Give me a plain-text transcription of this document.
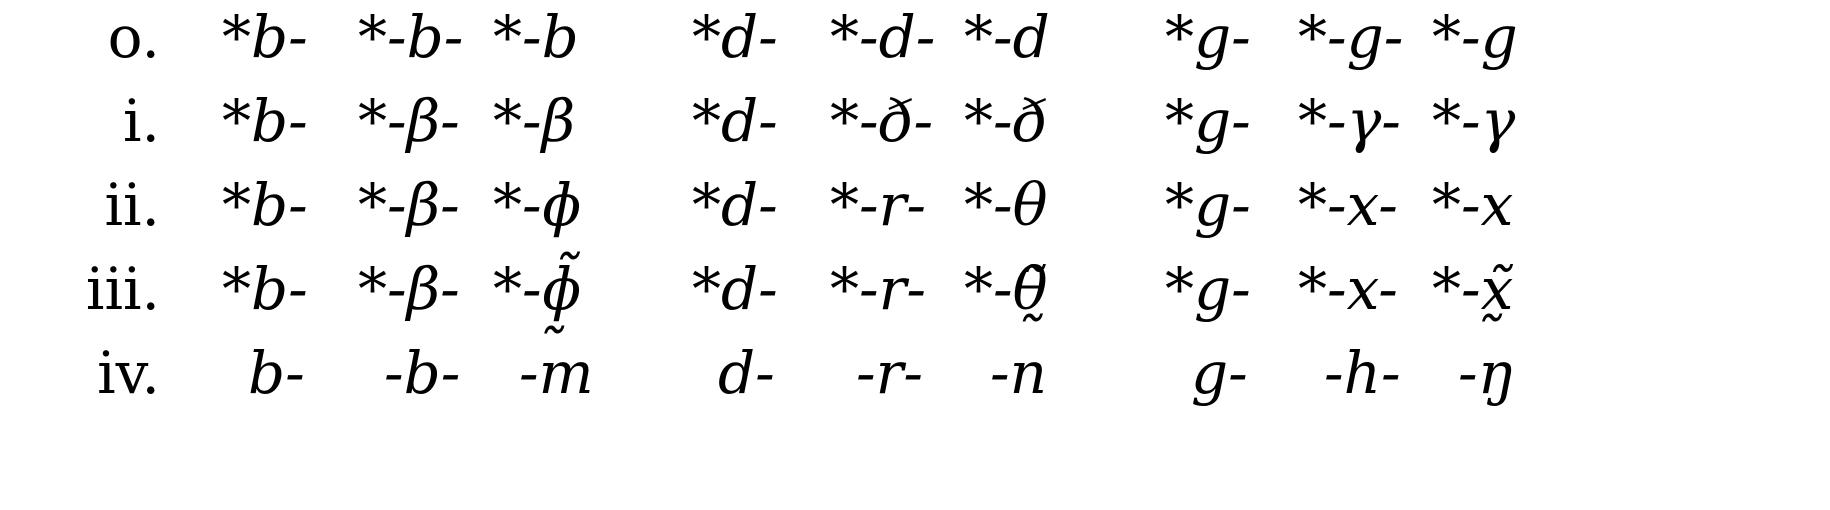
o. *b- *-b- *-b *d- *-d- *-d *g- *-g- *-g
i. *b- *-β- *-β *d- *-ð- *-ð *g- *-γ- *-γ
ii. *b- *-β- *-ɸ *d- *-r- *-θ *g- *-x- *-x
iii. *b- *-β- *-ɸ̰̃ *d- *-r- *-θ̰̃ *g- *-x- *-x̰̃
iv. b- -b- -m d- -r- -n g- -h- -ŋ
